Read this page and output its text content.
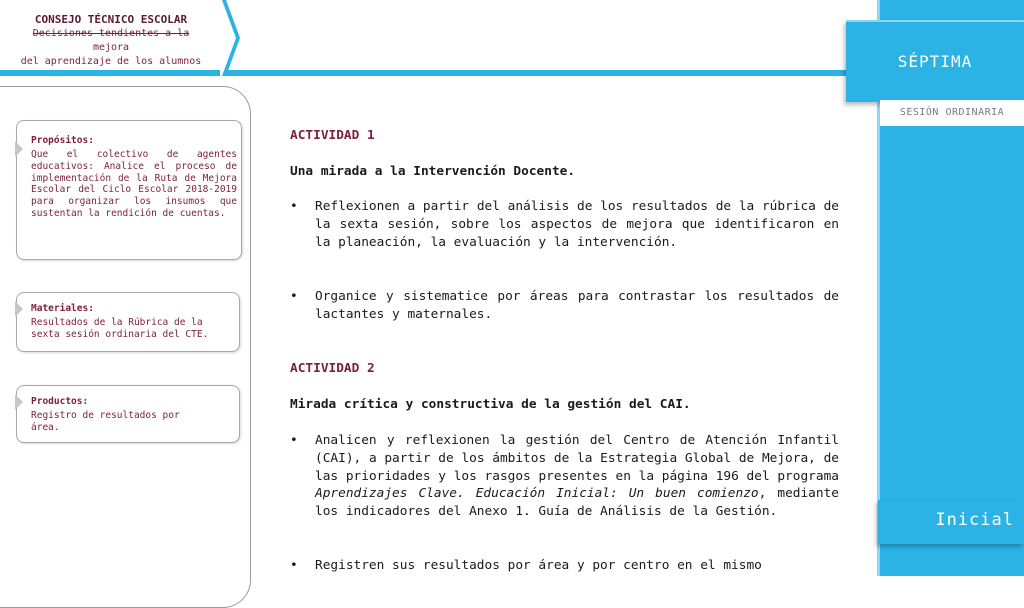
CONSEJO TÉCNICO ESCOLAR
Decisiones tendientes a la
mejora
del aprendizaje de los alumnos	SÉPTIMA
SESIÓN ORDINARIA
Inicial
Propósitos:
Que el colectivo de agentes educativos: Analice el proceso de implementación de la Ruta de Mejora Escolar del Ciclo Escolar 2018-2019 para organizar los insumos que sustentan la rendición de cuentas.
Materiales:
Resultados de la Rúbrica de la sexta sesión ordinaria del CTE.
Productos:
Registro de resultados por área.
ACTIVIDAD 1
Una mirada a la Intervención Docente.
• Reflexionen a partir del análisis de los resultados de la rúbrica de la sexta sesión, sobre los aspectos de mejora que identificaron en la planeación, la evaluación y la intervención.
• Organice y sistematice por áreas para contrastar los resultados de lactantes y maternales.
ACTIVIDAD 2
Mirada crítica y constructiva de la gestión del CAI.
• Analicen y reflexionen la gestión del Centro de Atención Infantil (CAI), a partir de los ámbitos de la Estrategia Global de Mejora, de las prioridades y los rasgos presentes en la página 196 del programa Aprendizajes Clave. Educación Inicial: Un buen comienzo, mediante los indicadores del Anexo 1. Guía de Análisis de la Gestión.
• Registren sus resultados por área y por centro en el mismo
